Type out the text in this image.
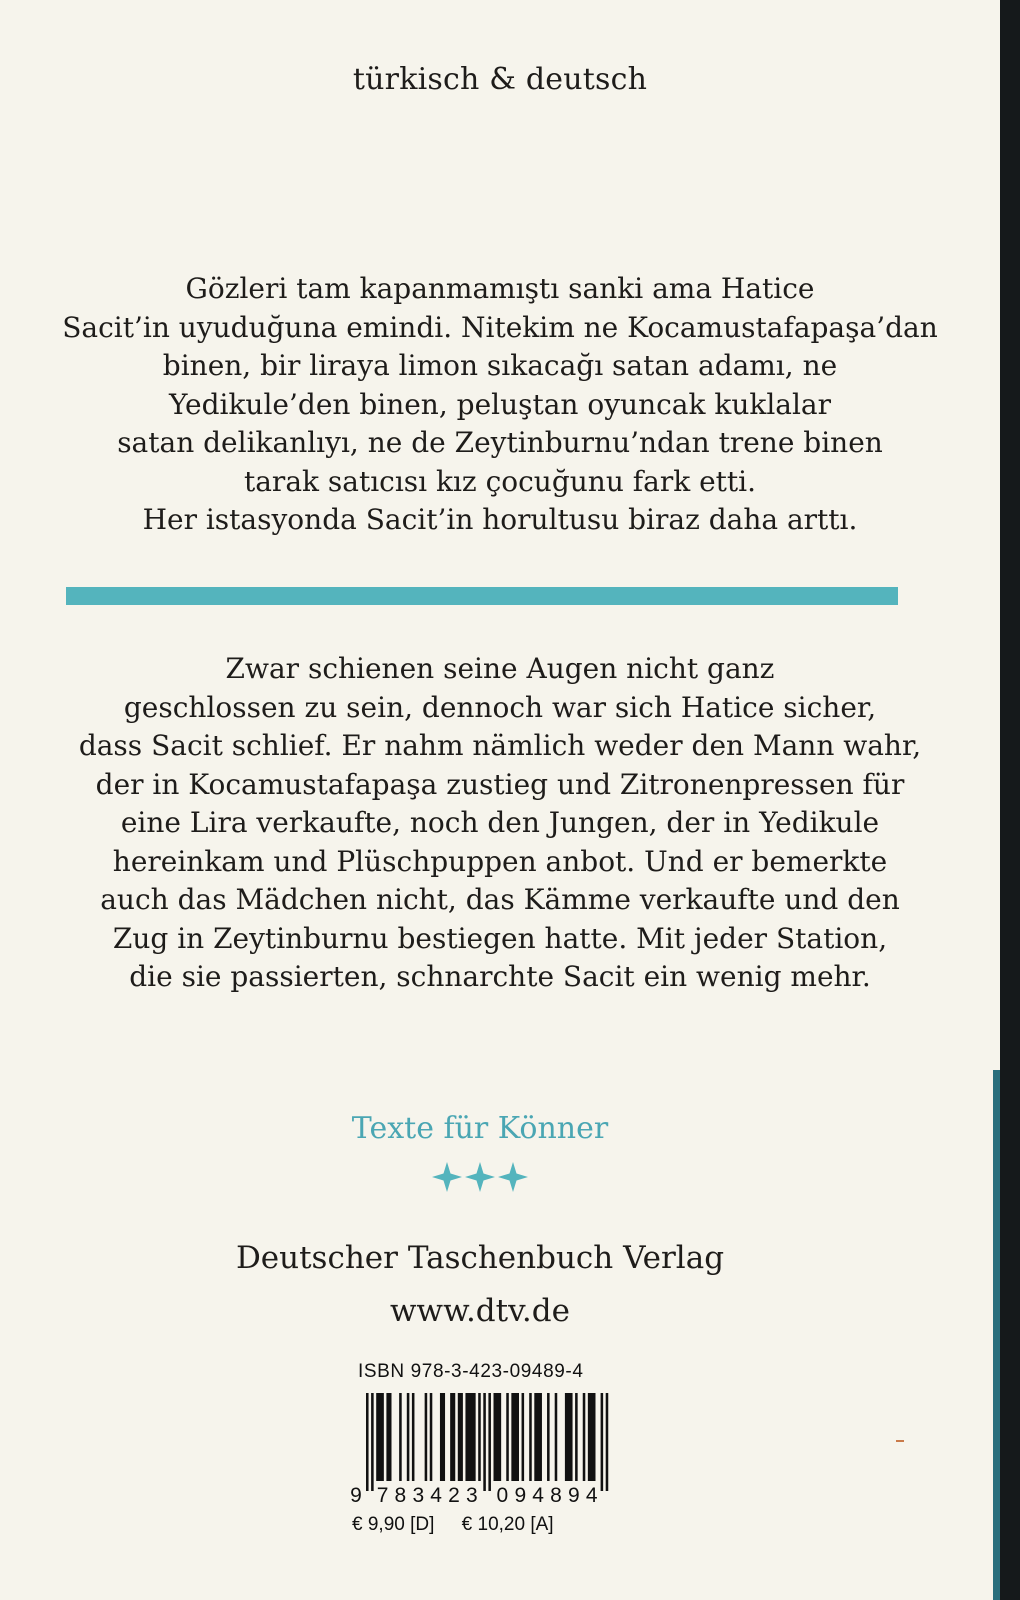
türkisch & deutsch
Gözleri tam kapanmamıştı sanki ama Hatice
Sacit’in uyuduğuna emindi. Nitekim ne Kocamustafapaşa’dan
binen, bir liraya limon sıkacağı satan adamı, ne
Yedikule’den binen, peluştan oyuncak kuklalar
satan delikanlıyı, ne de Zeytinburnu’ndan trene binen
tarak satıcısı kız çocuğunu fark etti.
Her istasyonda Sacit’in horultusu biraz daha arttı.
Zwar schienen seine Augen nicht ganz
geschlossen zu sein, dennoch war sich Hatice sicher,
dass Sacit schlief. Er nahm nämlich weder den Mann wahr,
der in Kocamustafapaşa zustieg und Zitronenpressen für
eine Lira verkaufte, noch den Jungen, der in Yedikule
hereinkam und Plüschpuppen anbot. Und er bemerkte
auch das Mädchen nicht, das Kämme verkaufte und den
Zug in Zeytinburnu bestiegen hatte. Mit jeder Station,
die sie passierten, schnarchte Sacit ein wenig mehr.
Texte für Könner
Deutscher Taschenbuch Verlag
www.dtv.de
ISBN 978-3-423-09489-4
9 7 8 3 4 2 3 0 9 4 8 9 4
€ 9,90 [D] € 10,20 [A]
